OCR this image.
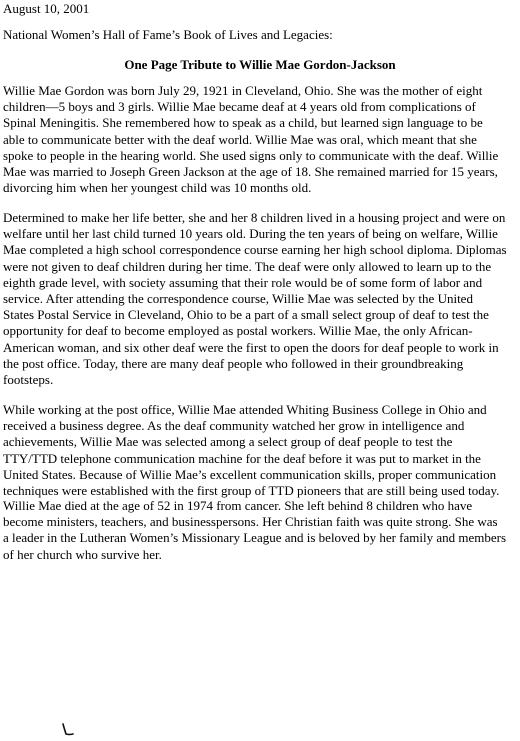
August 10, 2001
National Women’s Hall of Fame’s Book of Lives and Legacies:
One Page Tribute to Willie Mae Gordon-Jackson
Willie Mae Gordon was born July 29, 1921 in Cleveland, Ohio. She was the mother of eight
children—5 boys and 3 girls. Willie Mae became deaf at 4 years old from complications of
Spinal Meningitis. She remembered how to speak as a child, but learned sign language to be
able to communicate better with the deaf world. Willie Mae was oral, which meant that she
spoke to people in the hearing world. She used signs only to communicate with the deaf. Willie
Mae was married to Joseph Green Jackson at the age of 18. She remained married for 15 years,
divorcing him when her youngest child was 10 months old.
Determined to make her life better, she and her 8 children lived in a housing project and were on
welfare until her last child turned 10 years old. During the ten years of being on welfare, Willie
Mae completed a high school correspondence course earning her high school diploma. Diplomas
were not given to deaf children during her time. The deaf were only allowed to learn up to the
eighth grade level, with society assuming that their role would be of some form of labor and
service. After attending the correspondence course, Willie Mae was selected by the United
States Postal Service in Cleveland, Ohio to be a part of a small select group of deaf to test the
opportunity for deaf to become employed as postal workers. Willie Mae, the only African-
American woman, and six other deaf were the first to open the doors for deaf people to work in
the post office. Today, there are many deaf people who followed in their groundbreaking
footsteps.
While working at the post office, Willie Mae attended Whiting Business College in Ohio and
received a business degree. As the deaf community watched her grow in intelligence and
achievements, Willie Mae was selected among a select group of deaf people to test the
TTY/TTD telephone communication machine for the deaf before it was put to market in the
United States. Because of Willie Mae’s excellent communication skills, proper communication
techniques were established with the first group of TTD pioneers that are still being used today.
Willie Mae died at the age of 52 in 1974 from cancer. She left behind 8 children who have
become ministers, teachers, and businesspersons. Her Christian faith was quite strong. She was
a leader in the Lutheran Women’s Missionary League and is beloved by her family and members
of her church who survive her.
